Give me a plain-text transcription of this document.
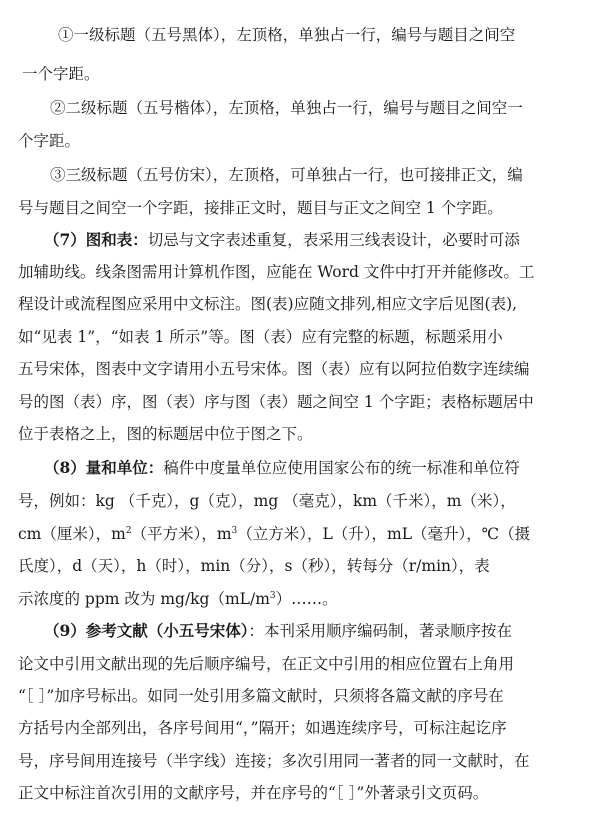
①一级标题（五号黑体），左顶格，单独占一行，编号与题目之间空
一个字距。
②二级标题（五号楷体），左顶格，单独占一行，编号与题目之间空一
个字距。
③三级标题（五号仿宋），左顶格，可单独占一行，也可接排正文，编
号与题目之间空一个字距，接排正文时，题目与正文之间空 1 个字距。
（7）图和表：切忌与文字表述重复，表采用三线表设计，必要时可添
加辅助线。线条图需用计算机作图，应能在 Word 文件中打开并能修改。工
程设计或流程图应采用中文标注。图(表)应随文排列,相应文字后见图(表),
如“见表 1”，“如表 1 所示”等。图（表）应有完整的标题，标题采用小
五号宋体，图表中文字请用小五号宋体。图（表）应有以阿拉伯数字连续编
号的图（表）序，图（表）序与图（表）题之间空 1 个字距；表格标题居中
位于表格之上，图的标题居中位于图之下。
（8）量和单位：稿件中度量单位应使用国家公布的统一标准和单位符
号，例如：kg （千克），g（克），mg （毫克），km（千米），m（米），
cm（厘米），$m^2$（平方米），$m^3$（立方米），L（升），mL（毫升），℃（摄
氏度），d（天），h（时），min（分），s（秒），转每分（r/min），表
示浓度的 ppm 改为 $mg/kg(mL/m^3)\dots\dots$。
（9）参考文献（小五号宋体）：本刊采用顺序编码制，著录顺序按在
论文中引用文献出现的先后顺序编号，在正文中引用的相应位置右上角用
“［ ］”加序号标出。如同一处引用多篇文献时，只须将各篇文献的序号在
方括号内全部列出，各序号间用“，”隔开；如遇连续序号，可标注起讫序
号，序号间用连接号（半字线）连接；多次引用同一著者的同一文献时，在
正文中标注首次引用的文献序号，并在序号的“［ ］”外著录引文页码。
